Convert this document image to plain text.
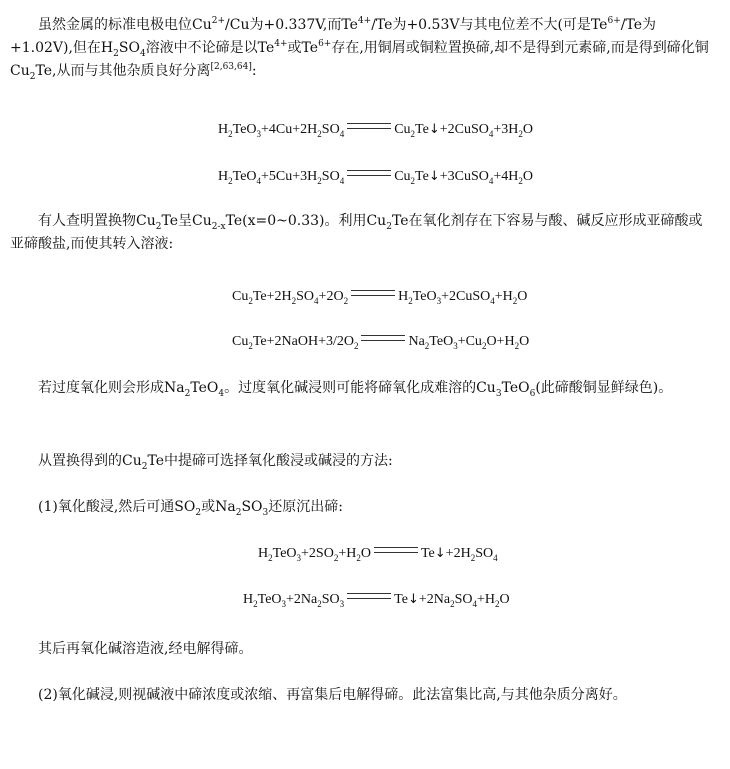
虽然金属的标准电极电位$Cu^{2+}/Cu$为+0.337V,而$Te^{4+}/Te$为+0.53V与其电位差不大(可是$Te^{6+}/Te$为+1.02V),但在$H_2SO_4$溶液中不论碲是以$Te^{4+}$或$Te^{6+}$存在,用铜屑或铜粒置换碲,却不是得到元素碲,而是得到碲化铜$Cu_2Te$,从而与其他杂质良好分离[2,63,64]:

$H_2TeO_3+4Cu+2H_2SO_4$	$Cu_2Te↓+2CuSO_4+3H_2O$
$H_2TeO_4+5Cu+3H_2SO_4$	$Cu_2Te↓+3CuSO_4+4H_2O$

有人查明置换物$Cu_2Te$呈$Cu_{2-x}Te(x=0\sim 0.33)$。利用$Cu_2Te$在氧化剂存在下容易与酸、碱反应形成亚碲酸或亚碲酸盐,而使其转入溶液:

$Cu_2Te+2H_2SO_4+2O_2$	$H_2TeO_3+2CuSO_4+H_2O$
$Cu_2Te+2NaOH+3/2O_2$	$Na_2TeO_3+Cu_2O+H_2O$

若过度氧化则会形成$Na_2TeO_4$。过度氧化碱浸则可能将碲氧化成难溶的$Cu_3TeO_6$(此碲酸铜显鲜绿色)。

从置换得到的$Cu_2Te$中提碲可选择氧化酸浸或碱浸的方法:

(1)氧化酸浸,然后可通$SO_2$或$Na_2SO_3$还原沉出碲:

$H_2TeO_3+2SO_2+H_2O$	$Te↓+2H_2SO_4$
$H_2TeO_3+2Na_2SO_3$	$Te↓+2Na_2SO_4+H_2O$

其后再氧化碱溶造液,经电解得碲。

(2)氧化碱浸,则视碱液中碲浓度或浓缩、再富集后电解得碲。此法富集比高,与其他杂质分离好。
